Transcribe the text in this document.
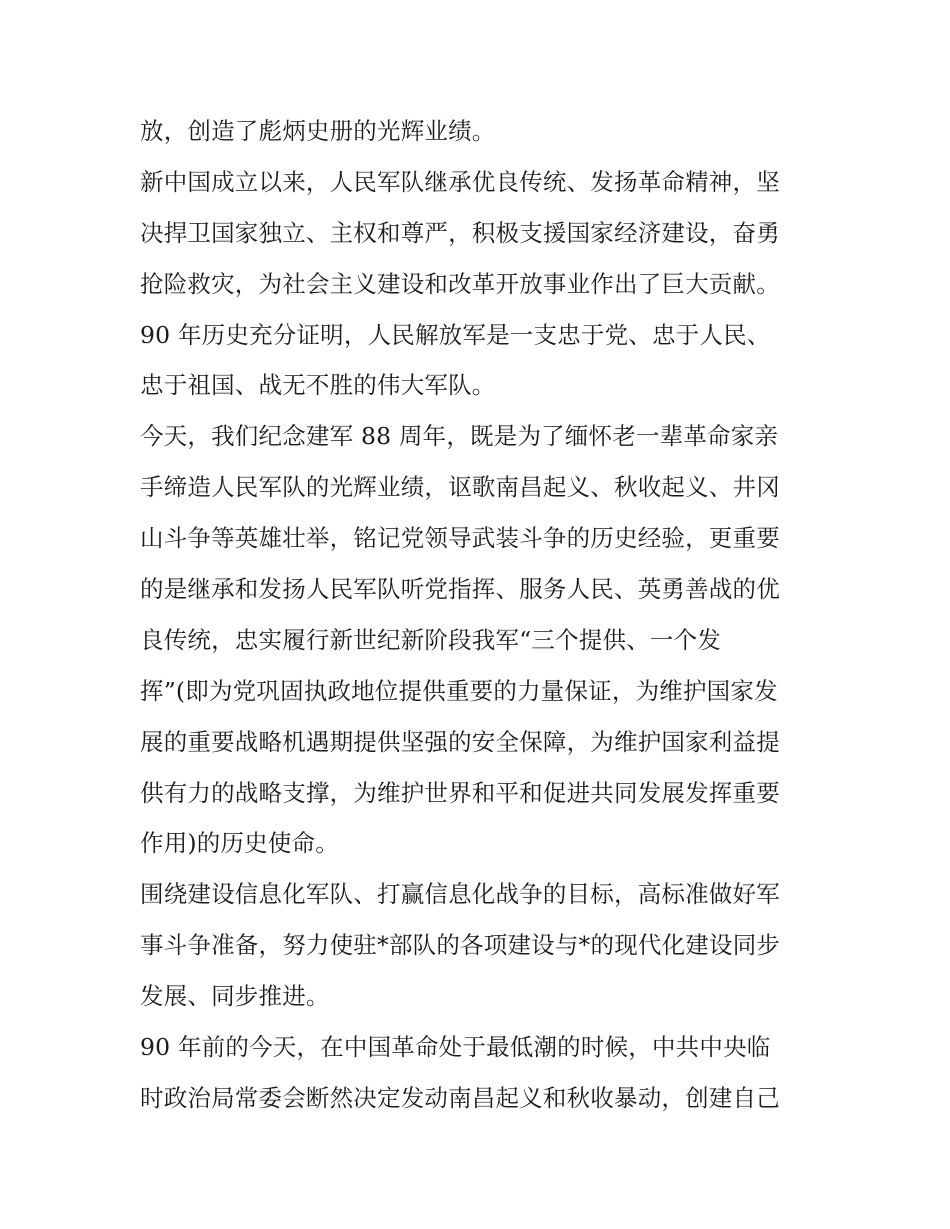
放，创造了彪炳史册的光辉业绩。
新中国成立以来，人民军队继承优良传统、发扬革命精神，坚
决捍卫国家独立、主权和尊严，积极支援国家经济建设，奋勇
抢险救灾，为社会主义建设和改革开放事业作出了巨大贡献。
90 年历史充分证明，人民解放军是一支忠于党、忠于人民、
忠于祖国、战无不胜的伟大军队。
今天，我们纪念建军 88 周年，既是为了缅怀老一辈革命家亲
手缔造人民军队的光辉业绩，讴歌南昌起义、秋收起义、井冈
山斗争等英雄壮举，铭记党领导武装斗争的历史经验，更重要
的是继承和发扬人民军队听党指挥、服务人民、英勇善战的优
良传统，忠实履行新世纪新阶段我军“三个提供、一个发
挥”(即为党巩固执政地位提供重要的力量保证，为维护国家发
展的重要战略机遇期提供坚强的安全保障，为维护国家利益提
供有力的战略支撑，为维护世界和平和促进共同发展发挥重要
作用)的历史使命。
围绕建设信息化军队、打赢信息化战争的目标，高标准做好军
事斗争准备，努力使驻*部队的各项建设与*的现代化建设同步
发展、同步推进。
90 年前的今天，在中国革命处于最低潮的时候，中共中央临
时政治局常委会断然决定发动南昌起义和秋收暴动，创建自己
